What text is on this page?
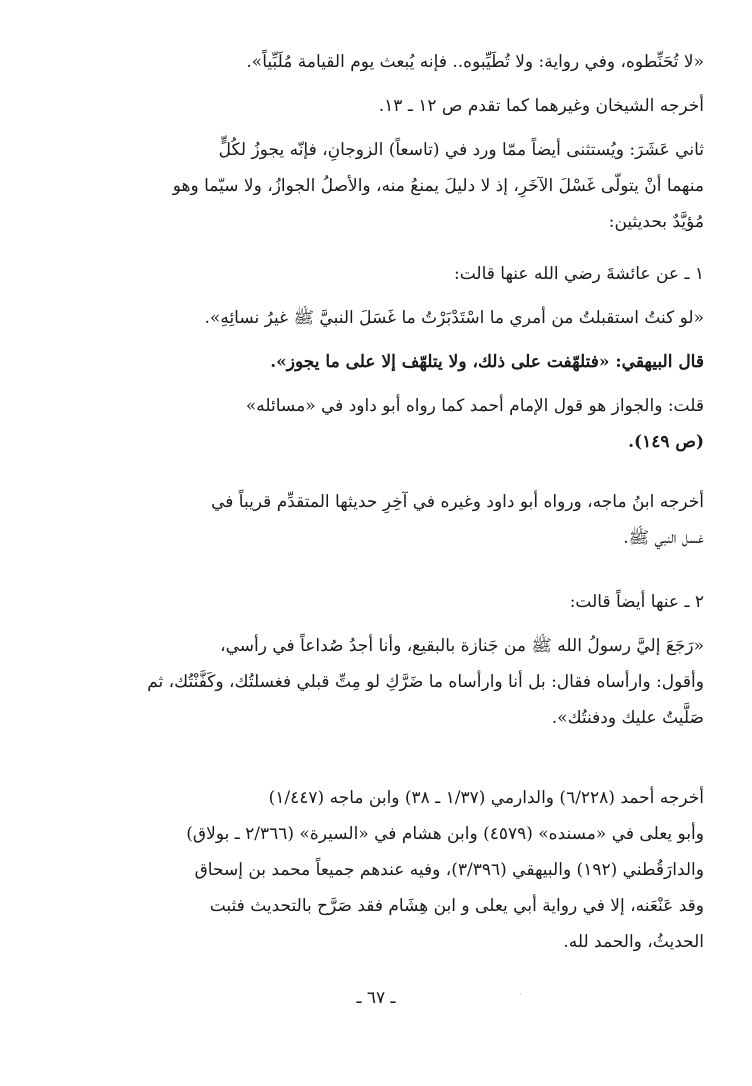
«لا تُحَنِّطوه، وفي رواية: ولا تُطَيِّبوه.. فإنه يُبعث يوم القيامة مُلَبِّياً».

أخرجه الشيخان وغيرهما كما تقدم ص ١٢ ـ ١٣.

ثاني عَشَرَ: ويُستثنى أيضاً ممّا ورد في (تاسعاً) الزوجانِ، فإنّه يجوزُ لكُلٍّ
منهما أنْ يتولّى غَسْلَ الآخَرِ، إذ لا دليلَ يمنعُ منه، والأصلُ الجوازُ، ولا سيّما وهو
مُؤيَّدٌ بحديثين:

١ ـ عن عائشةَ رضي الله عنها قالت:

«لو كنتُ استقبلتُ من أمري ما اسْتَدْبَرْتُ ما غَسَلَ النبيَّ ﷺ غيرُ نسائِهِ».

قال البيهقي: «فتلهّفت على ذلك، ولا يتلهّف إلا على ما يجوز».

قلت: والجواز هو قول الإمام أحمد كما رواه أبو داود في «مسائله»
(ص ١٤٩).

أخرجه ابنُ ماجه، ورواه أبو داود وغيره في آخِرِ حديثها المتقدِّم قريباً في
غسل النبي ﷺ.

٢ ـ عنها أيضاً قالت:

«رَجَعَ إليَّ رسولُ الله ﷺ من جَنازة بالبقيع، وأنا أجدُ صُداعاً في رأسي،
وأقول: وارأساه فقال: بل أنا وارأساه ما ضَرَّكِ لو مِتِّ قبلي فغسلتُك، وكَفَّنْتُك، ثم
صَلَّيتُ عليك ودفنتُك».

أخرجه أحمد (٦/٢٢٨) والدارمي (١/٣٧ ـ ٣٨) وابن ماجه (١/٤٤٧)
وأبو يعلى في «مسنده» (٤٥٧٩) وابن هشام في «السيرة» (٢/٣٦٦ ـ بولاق)
والدارَقُطني (١٩٢) والبيهقي (٣/٣٩٦)، وفيه عندهم جميعاً محمد بن إسحاق
وقد عَنْعَنه، إلا في رواية أبي يعلى و ابن هِشَام فقد صَرَّح بالتحديث فثبت
الحديثُ، والحمد لله.

ـ ٦٧ ـ	·
